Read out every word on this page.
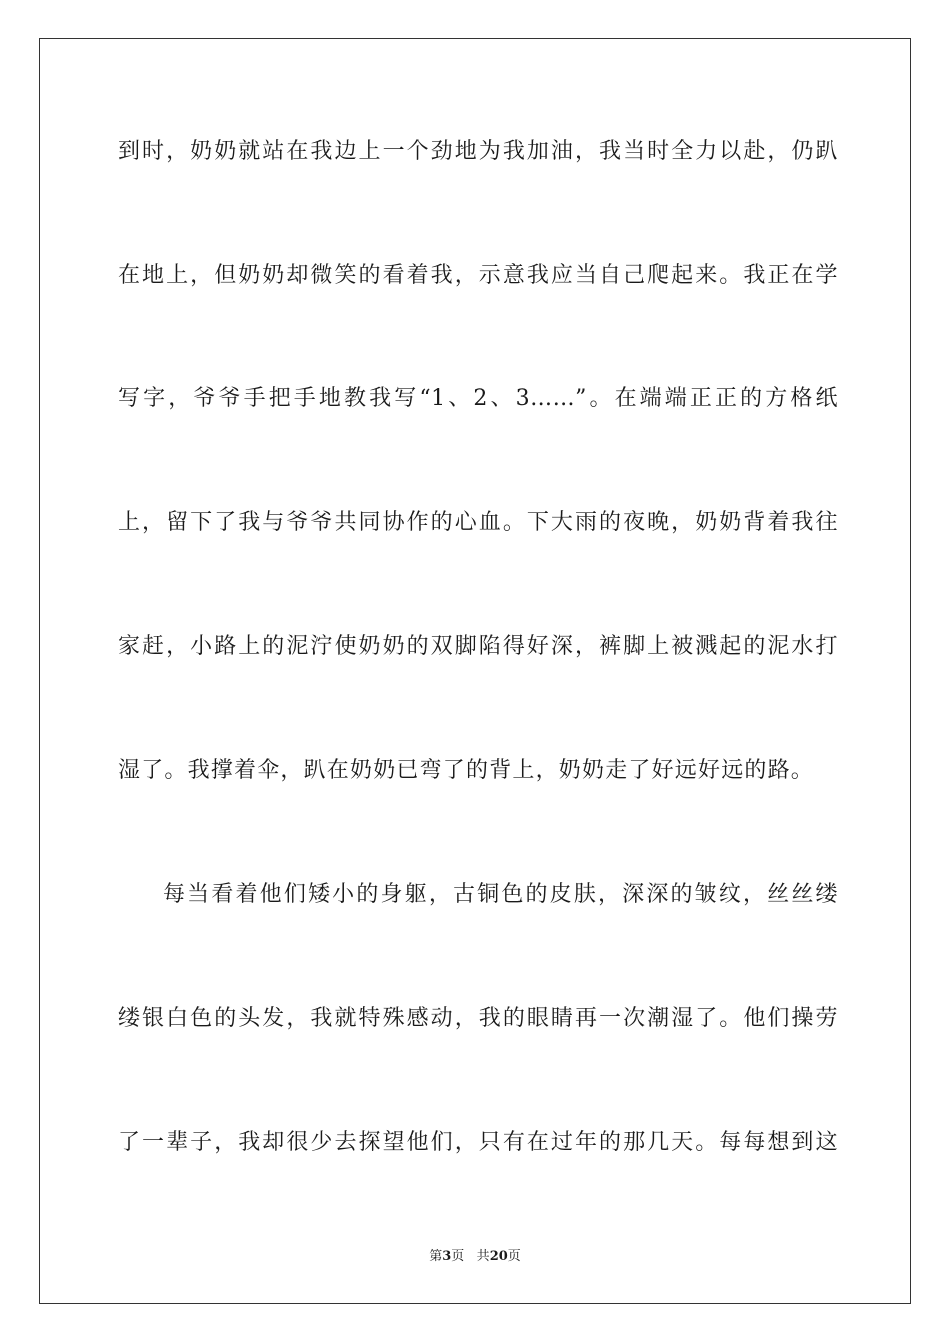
到时，奶奶就站在我边上一个劲地为我加油，我当时全力以赴，仍趴
在地上，但奶奶却微笑的看着我，示意我应当自己爬起来。我正在学
写字，爷爷手把手地教我写“1、2、3……”。在端端正正的方格纸
上，留下了我与爷爷共同协作的心血。下大雨的夜晚，奶奶背着我往
家赶，小路上的泥泞使奶奶的双脚陷得好深，裤脚上被溅起的泥水打
湿了。我撑着伞，趴在奶奶已弯了的背上，奶奶走了好远好远的路。
每当看着他们矮小的身躯，古铜色的皮肤，深深的皱纹，丝丝缕
缕银白色的头发，我就特殊感动，我的眼睛再一次潮湿了。他们操劳
了一辈子，我却很少去探望他们，只有在过年的那几天。每每想到这
第3页 共20页
